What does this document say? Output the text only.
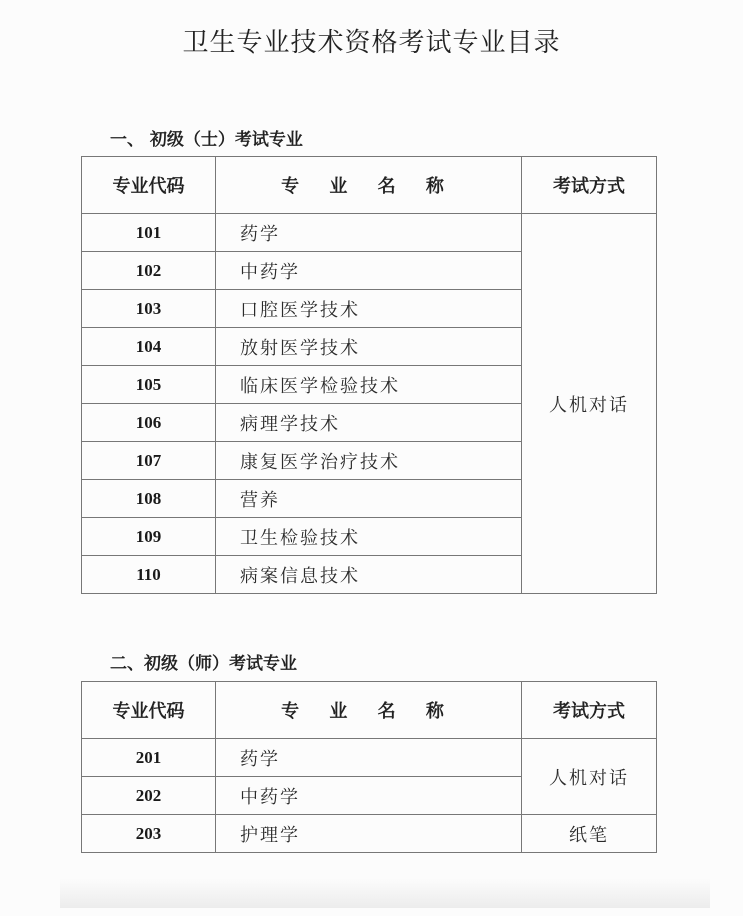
卫生专业技术资格考试专业目录
一、 初级（士）考试专业
专业代码	专 业 名 称	考试方式
101	药学	人机对话
102	中药学	
103	口腔医学技术	
104	放射医学技术	
105	临床医学检验技术	
106	病理学技术	
107	康复医学治疗技术	
108	营养	
109	卫生检验技术	
110	病案信息技术	
二、初级（师）考试专业
专业代码	专 业 名 称	考试方式
201	药学	人机对话
202	中药学	
203	护理学	纸笔
